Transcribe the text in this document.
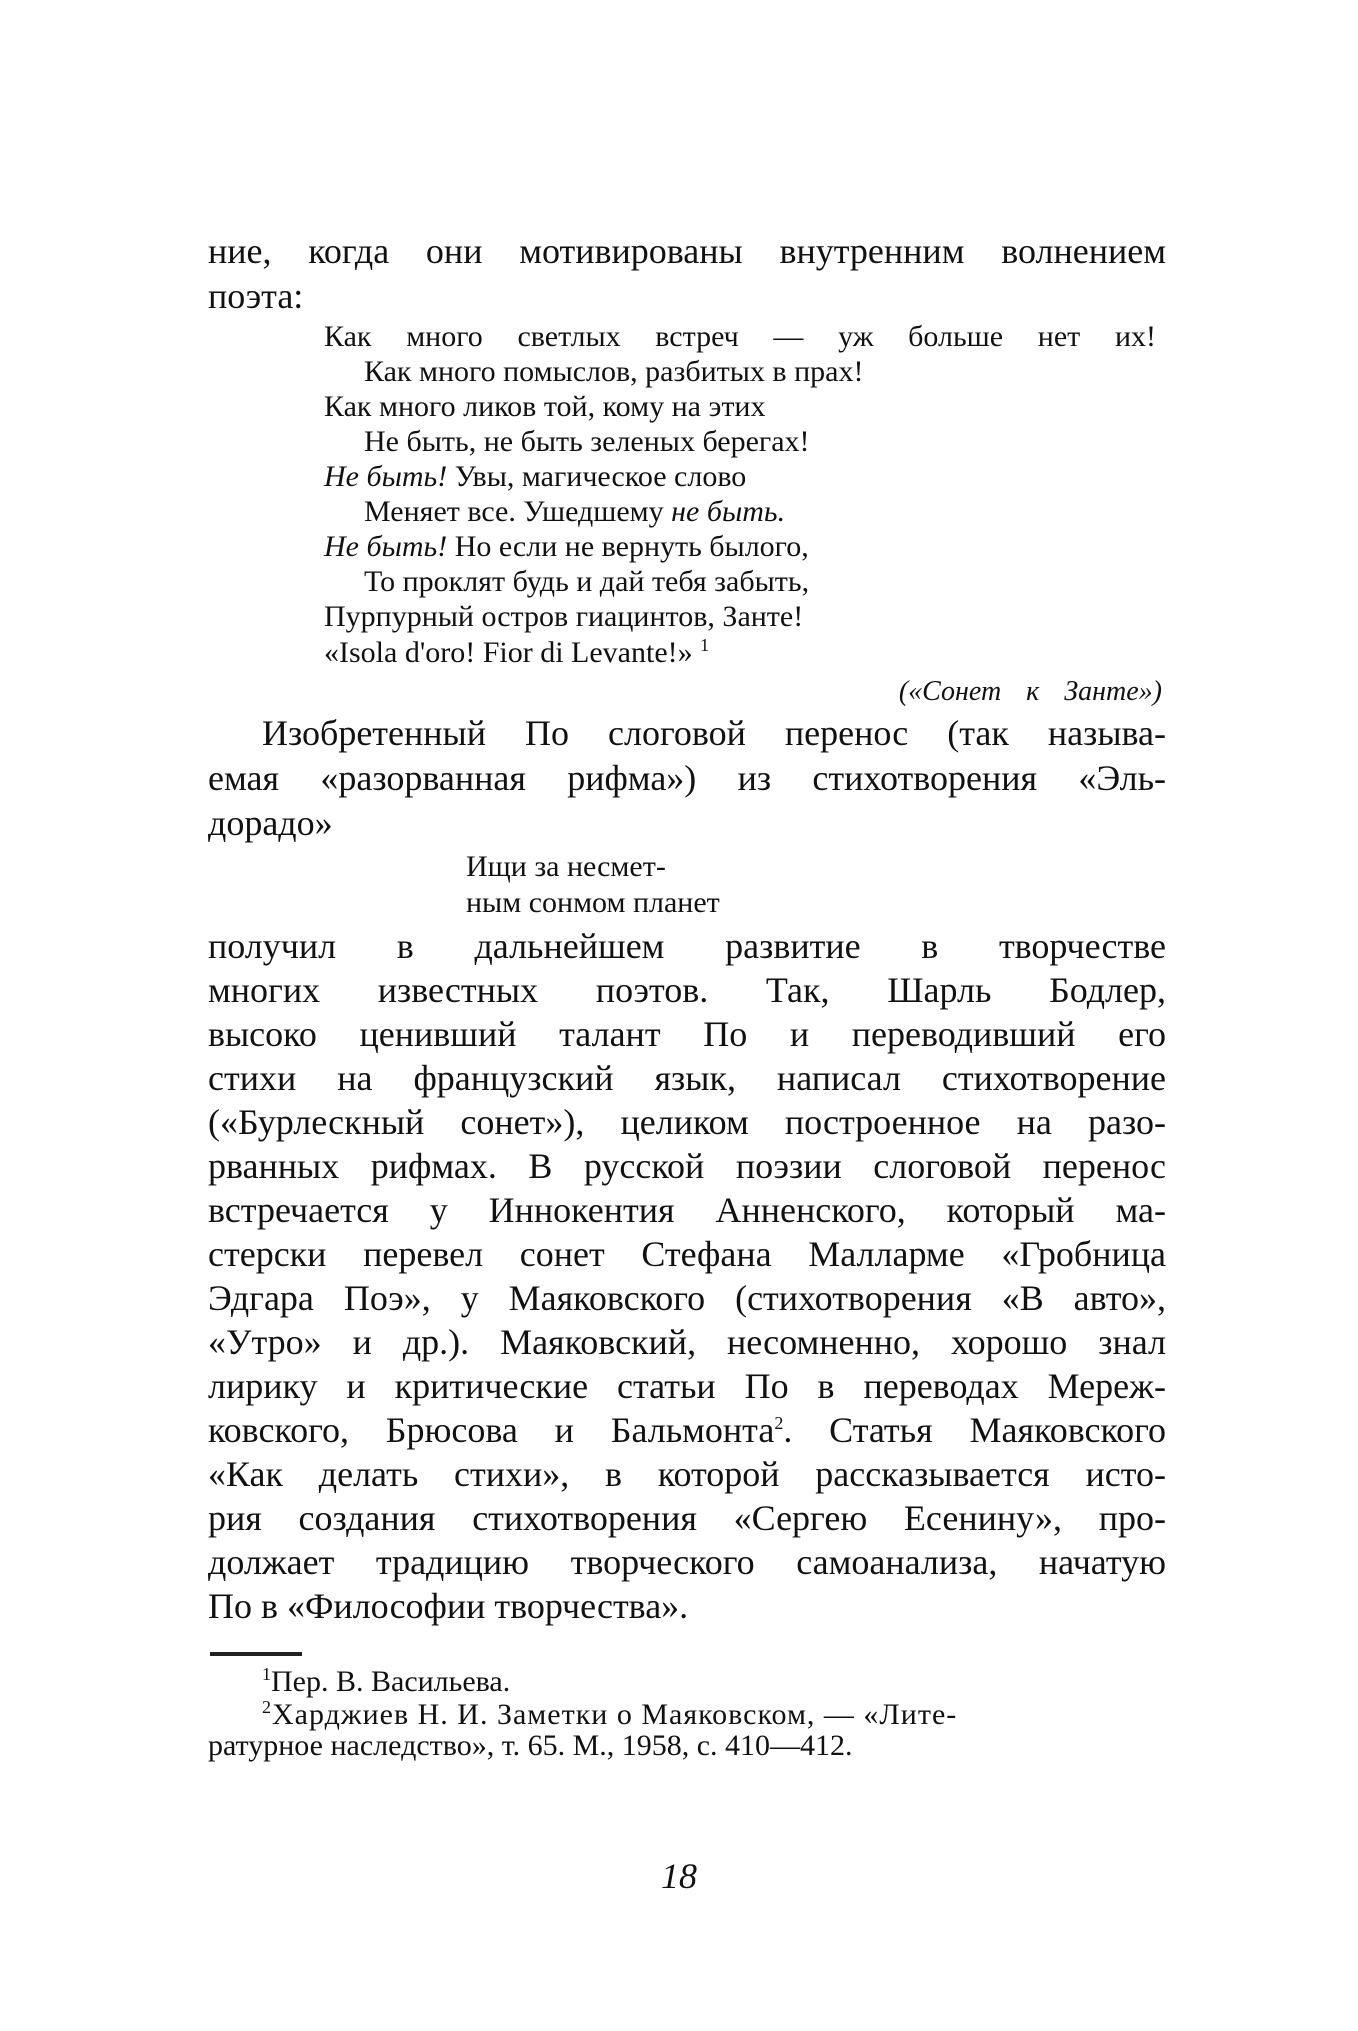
ние, когда они мотивированы внутренним волнением
поэта:
Как много светлых встреч — уж больше нет их!
Как много помыслов, разбитых в прах!
Как много ликов той, кому на этих
Не быть, не быть зеленых берегах!
Не быть! Увы, магическое слово
Меняет все. Ушедшему не быть.
Не быть! Но если не вернуть былого,
То проклят будь и дай тебя забыть,
Пурпурный остров гиацинтов, Занте!
«Isola d'oro! Fior di Levante!» $^1$
(«Сонет к Занте»)
Изобретенный По слоговой перенос (так называ-
емая «разорванная рифма») из стихотворения «Эль-
дорадо»
Ищи за несмет-
ным сонмом планет
получил в дальнейшем развитие в творчестве
многих известных поэтов. Так, Шарль Бодлер,
высоко ценивший талант По и переводивший его
стихи на французский язык, написал стихотворение
(«Бурлескный сонет»), целиком построенное на разо-
рванных рифмах. В русской поэзии слоговой перенос
встречается у Иннокентия Анненского, который ма-
стерски перевел сонет Стефана Малларме «Гробница
Эдгара Поэ», у Маяковского (стихотворения «В авто»,
«Утро» и др.). Маяковский, несомненно, хорошо знал
лирику и критические статьи По в переводах Мереж-
ковского, Брюсова и Бальмонта$^2$. Статья Маяковского
«Как делать стихи», в которой рассказывается исто-
рия создания стихотворения «Сергею Есенину», про-
должает традицию творческого самоанализа, начатую
По в «Философии творчества».
$^1$Пер. В. Васильева.
$^2$Харджиев Н. И. Заметки о Маяковском, — «Лите-
ратурное наследство», т. 65. М., 1958, с. 410—412.
18
